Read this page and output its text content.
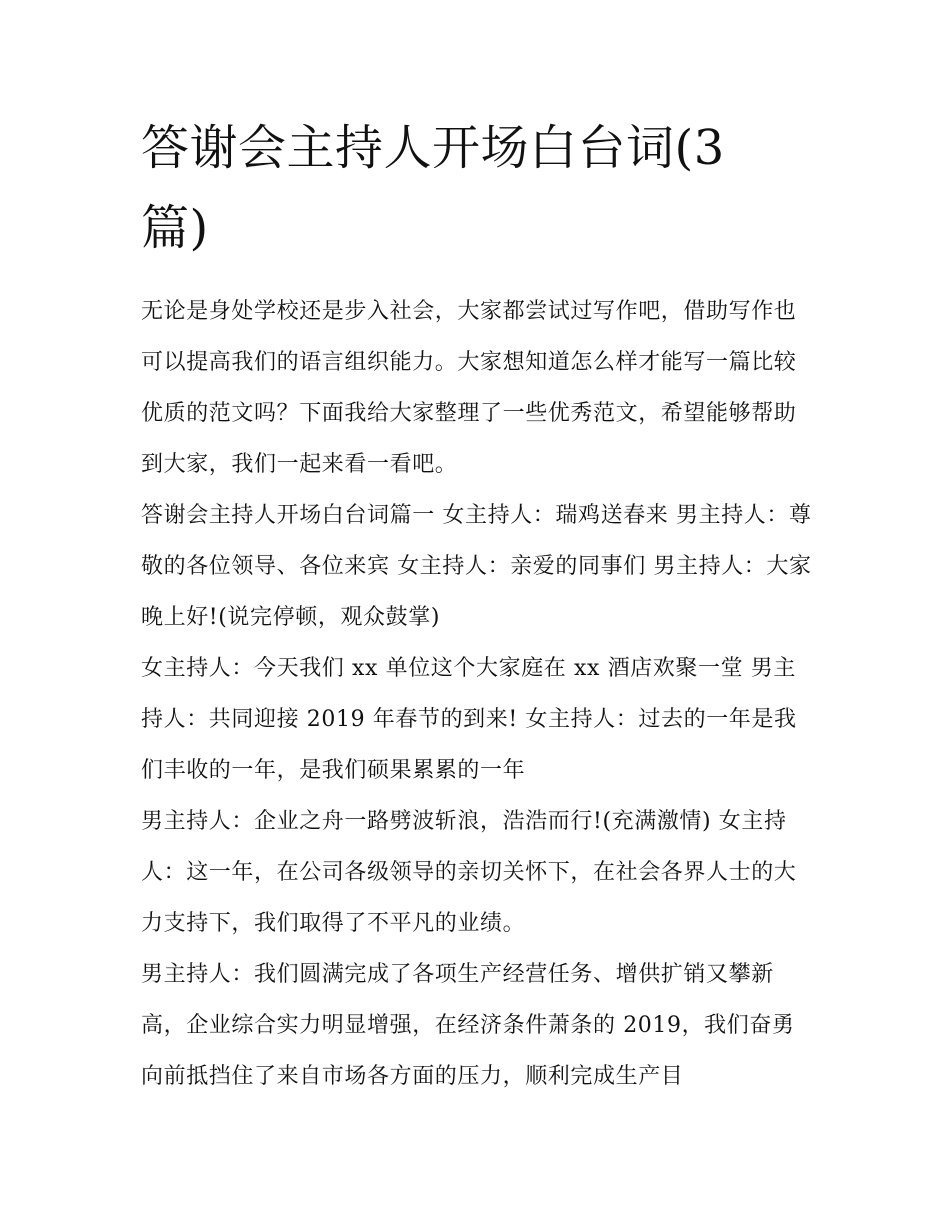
答谢会主持人开场白台词(3篇)

无论是身处学校还是步入社会，大家都尝试过写作吧，借助写作也可以提高我们的语言组织能力。大家想知道怎么样才能写一篇比较优质的范文吗？下面我给大家整理了一些优秀范文，希望能够帮助到大家，我们一起来看一看吧。

答谢会主持人开场白台词篇一 女主持人：瑞鸡送春来 男主持人：尊敬的各位领导、各位来宾 女主持人：亲爱的同事们 男主持人：大家晚上好!(说完停顿，观众鼓掌)

女主持人：今天我们 xx 单位这个大家庭在 xx 酒店欢聚一堂 男主持人：共同迎接 2019 年春节的到来! 女主持人：过去的一年是我们丰收的一年，是我们硕果累累的一年

男主持人：企业之舟一路劈波斩浪，浩浩而行!(充满激情) 女主持人：这一年，在公司各级领导的亲切关怀下，在社会各界人士的大力支持下，我们取得了不平凡的业绩。

男主持人：我们圆满完成了各项生产经营任务、增供扩销又攀新高，企业综合实力明显增强，在经济条件萧条的 2019，我们奋勇向前抵挡住了来自市场各方面的压力，顺利完成生产目
